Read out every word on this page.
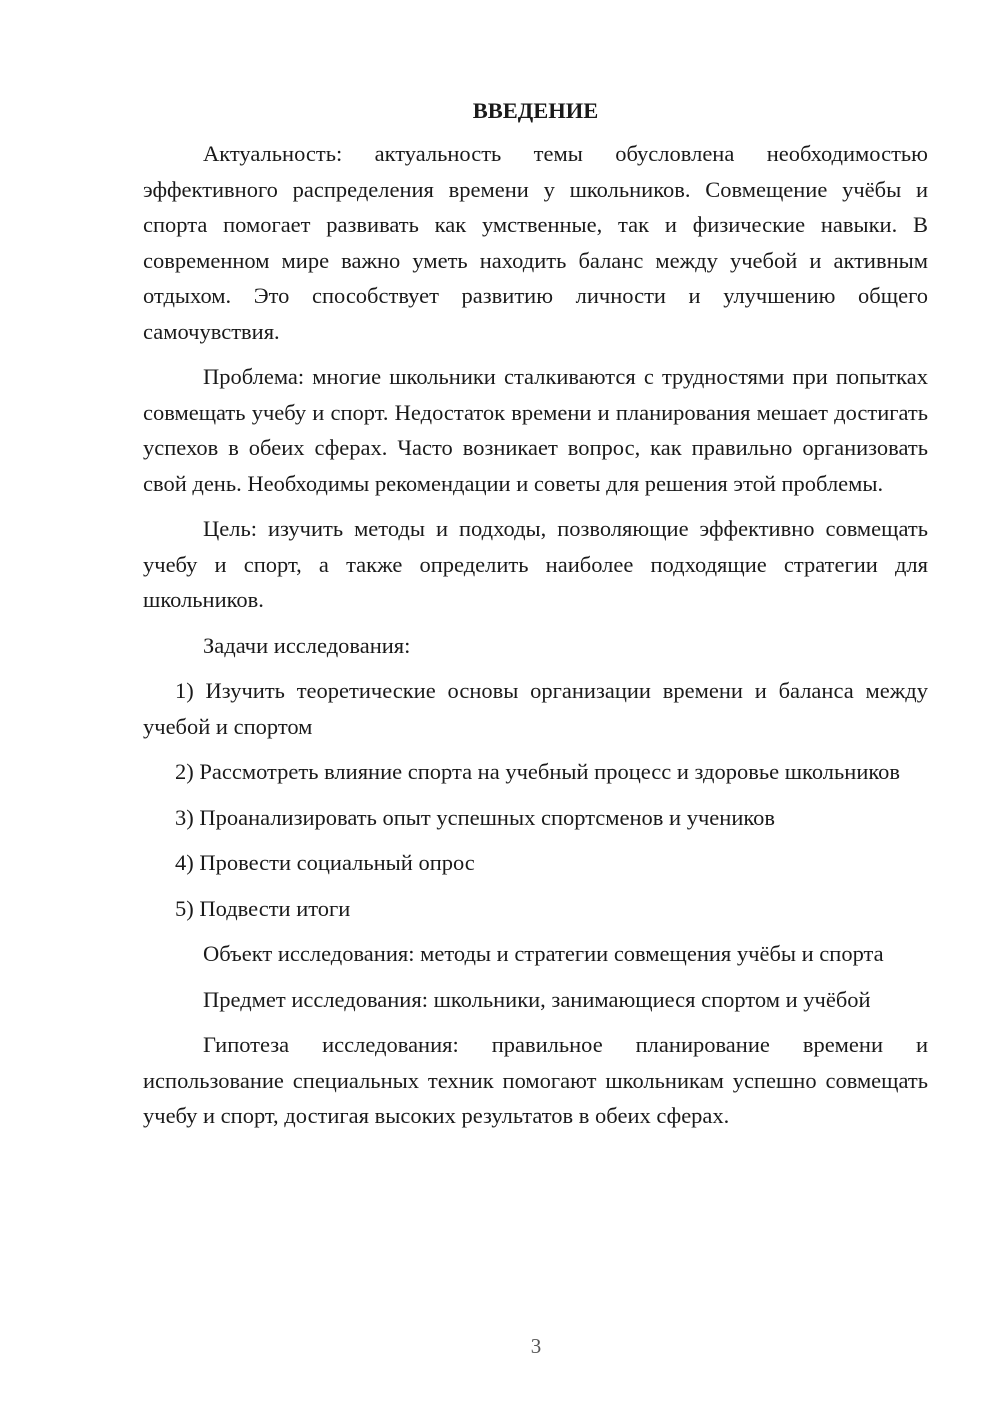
ВВЕДЕНИЕ

Актуальность: актуальность темы обусловлена необходимостью эффективного распределения времени у школьников. Совмещение учёбы и спорта помогает развивать как умственные, так и физические навыки. В современном мире важно уметь находить баланс между учебой и активным отдыхом. Это способствует развитию личности и улучшению общего самочувствия.

Проблема: многие школьники сталкиваются с трудностями при попытках совмещать учебу и спорт. Недостаток времени и планирования мешает достигать успехов в обеих сферах. Часто возникает вопрос, как правильно организовать свой день. Необходимы рекомендации и советы для решения этой проблемы.

Цель: изучить методы и подходы, позволяющие эффективно совмещать учебу и спорт, а также определить наиболее подходящие стратегии для школьников.

Задачи исследования:

1) Изучить теоретические основы организации времени и баланса между учебой и спортом

2) Рассмотреть влияние спорта на учебный процесс и здоровье школьников

3) Проанализировать опыт успешных спортсменов и учеников

4) Провести социальный опрос

5) Подвести итоги

Объект исследования: методы и стратегии совмещения учёбы и спорта

Предмет исследования: школьники, занимающиеся спортом и учёбой

Гипотеза исследования: правильное планирование времени и использование специальных техник помогают школьникам успешно совмещать учебу и спорт, достигая высоких результатов в обеих сферах.

3
